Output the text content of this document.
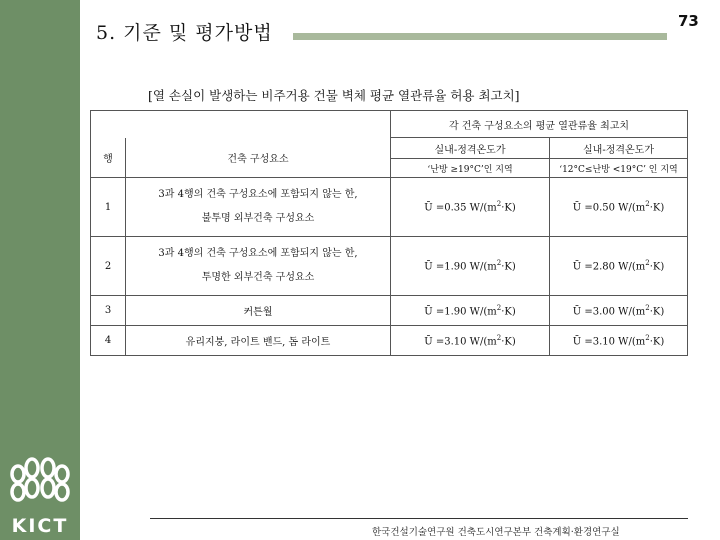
KICT
5. 기준 및 평가방법
73
[열 손실이 발생하는 비주거용 건물 벽체 평균 열관류율 허용 최고치]
		각 건축 구성요소의 평균 열관류율 최고치	
행	건축 구성요소	실내-정격온도가	실내-정격온도가
		‘난방 ≥19°C’인 지역	‘12°C≤난방 <19°C’ 인 지역
1	3과 4행의 건축 구성요소에 포함되지 않는 한,
불투명 외부건축 구성요소	Ū =0.35 $W/(m^2\cdot K)$	Ū =0.50 $W/(m^2\cdot K)$
2	3과 4행의 건축 구성요소에 포함되지 않는 한,
투명한 외부건축 구성요소	Ū =1.90 $W/(m^2\cdot K)$	Ū =2.80 $W/(m^2\cdot K)$
3	커튼월	Ū =1.90 $W/(m^2\cdot K)$	Ū =3.00 $W/(m^2\cdot K)$
4	유리지붕, 라이트 밴드, 돔 라이트	Ū =3.10 $W/(m^2\cdot K)$	Ū =3.10 $W/(m^2\cdot K)$
한국건설기술연구원 건축도시연구본부 건축계획·환경연구실
